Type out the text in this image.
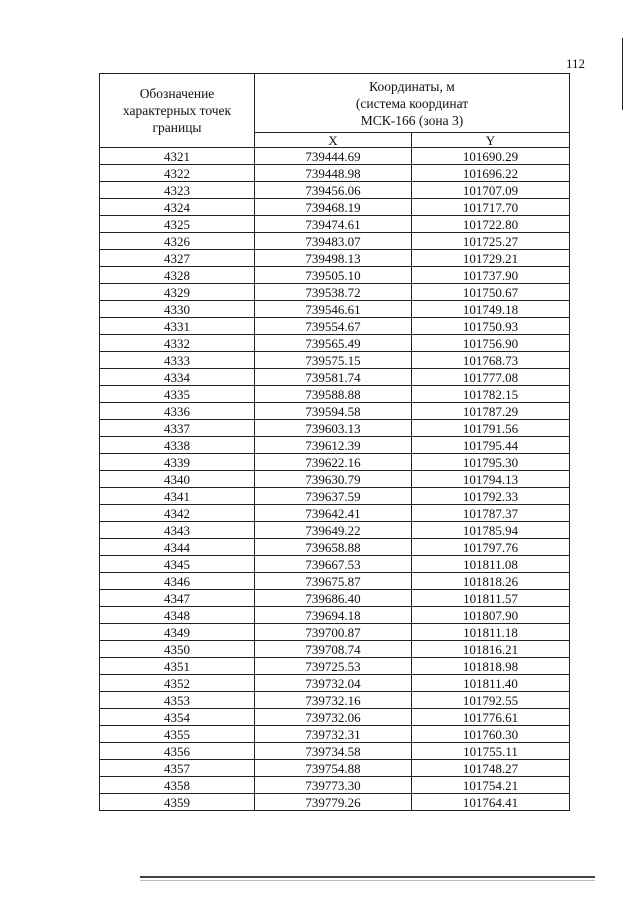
112
Обозначение характерных точек границы	Координаты, м
(система координат
МСК-166 (зона 3)	

	X	Y
4321	739444.69	101690.29
4322	739448.98	101696.22
4323	739456.06	101707.09
4324	739468.19	101717.70
4325	739474.61	101722.80
4326	739483.07	101725.27
4327	739498.13	101729.21
4328	739505.10	101737.90
4329	739538.72	101750.67
4330	739546.61	101749.18
4331	739554.67	101750.93
4332	739565.49	101756.90
4333	739575.15	101768.73
4334	739581.74	101777.08
4335	739588.88	101782.15
4336	739594.58	101787.29
4337	739603.13	101791.56
4338	739612.39	101795.44
4339	739622.16	101795.30
4340	739630.79	101794.13
4341	739637.59	101792.33
4342	739642.41	101787.37
4343	739649.22	101785.94
4344	739658.88	101797.76
4345	739667.53	101811.08
4346	739675.87	101818.26
4347	739686.40	101811.57
4348	739694.18	101807.90
4349	739700.87	101811.18
4350	739708.74	101816.21
4351	739725.53	101818.98
4352	739732.04	101811.40
4353	739732.16	101792.55
4354	739732.06	101776.61
4355	739732.31	101760.30
4356	739734.58	101755.11
4357	739754.88	101748.27
4358	739773.30	101754.21
4359	739779.26	101764.41
